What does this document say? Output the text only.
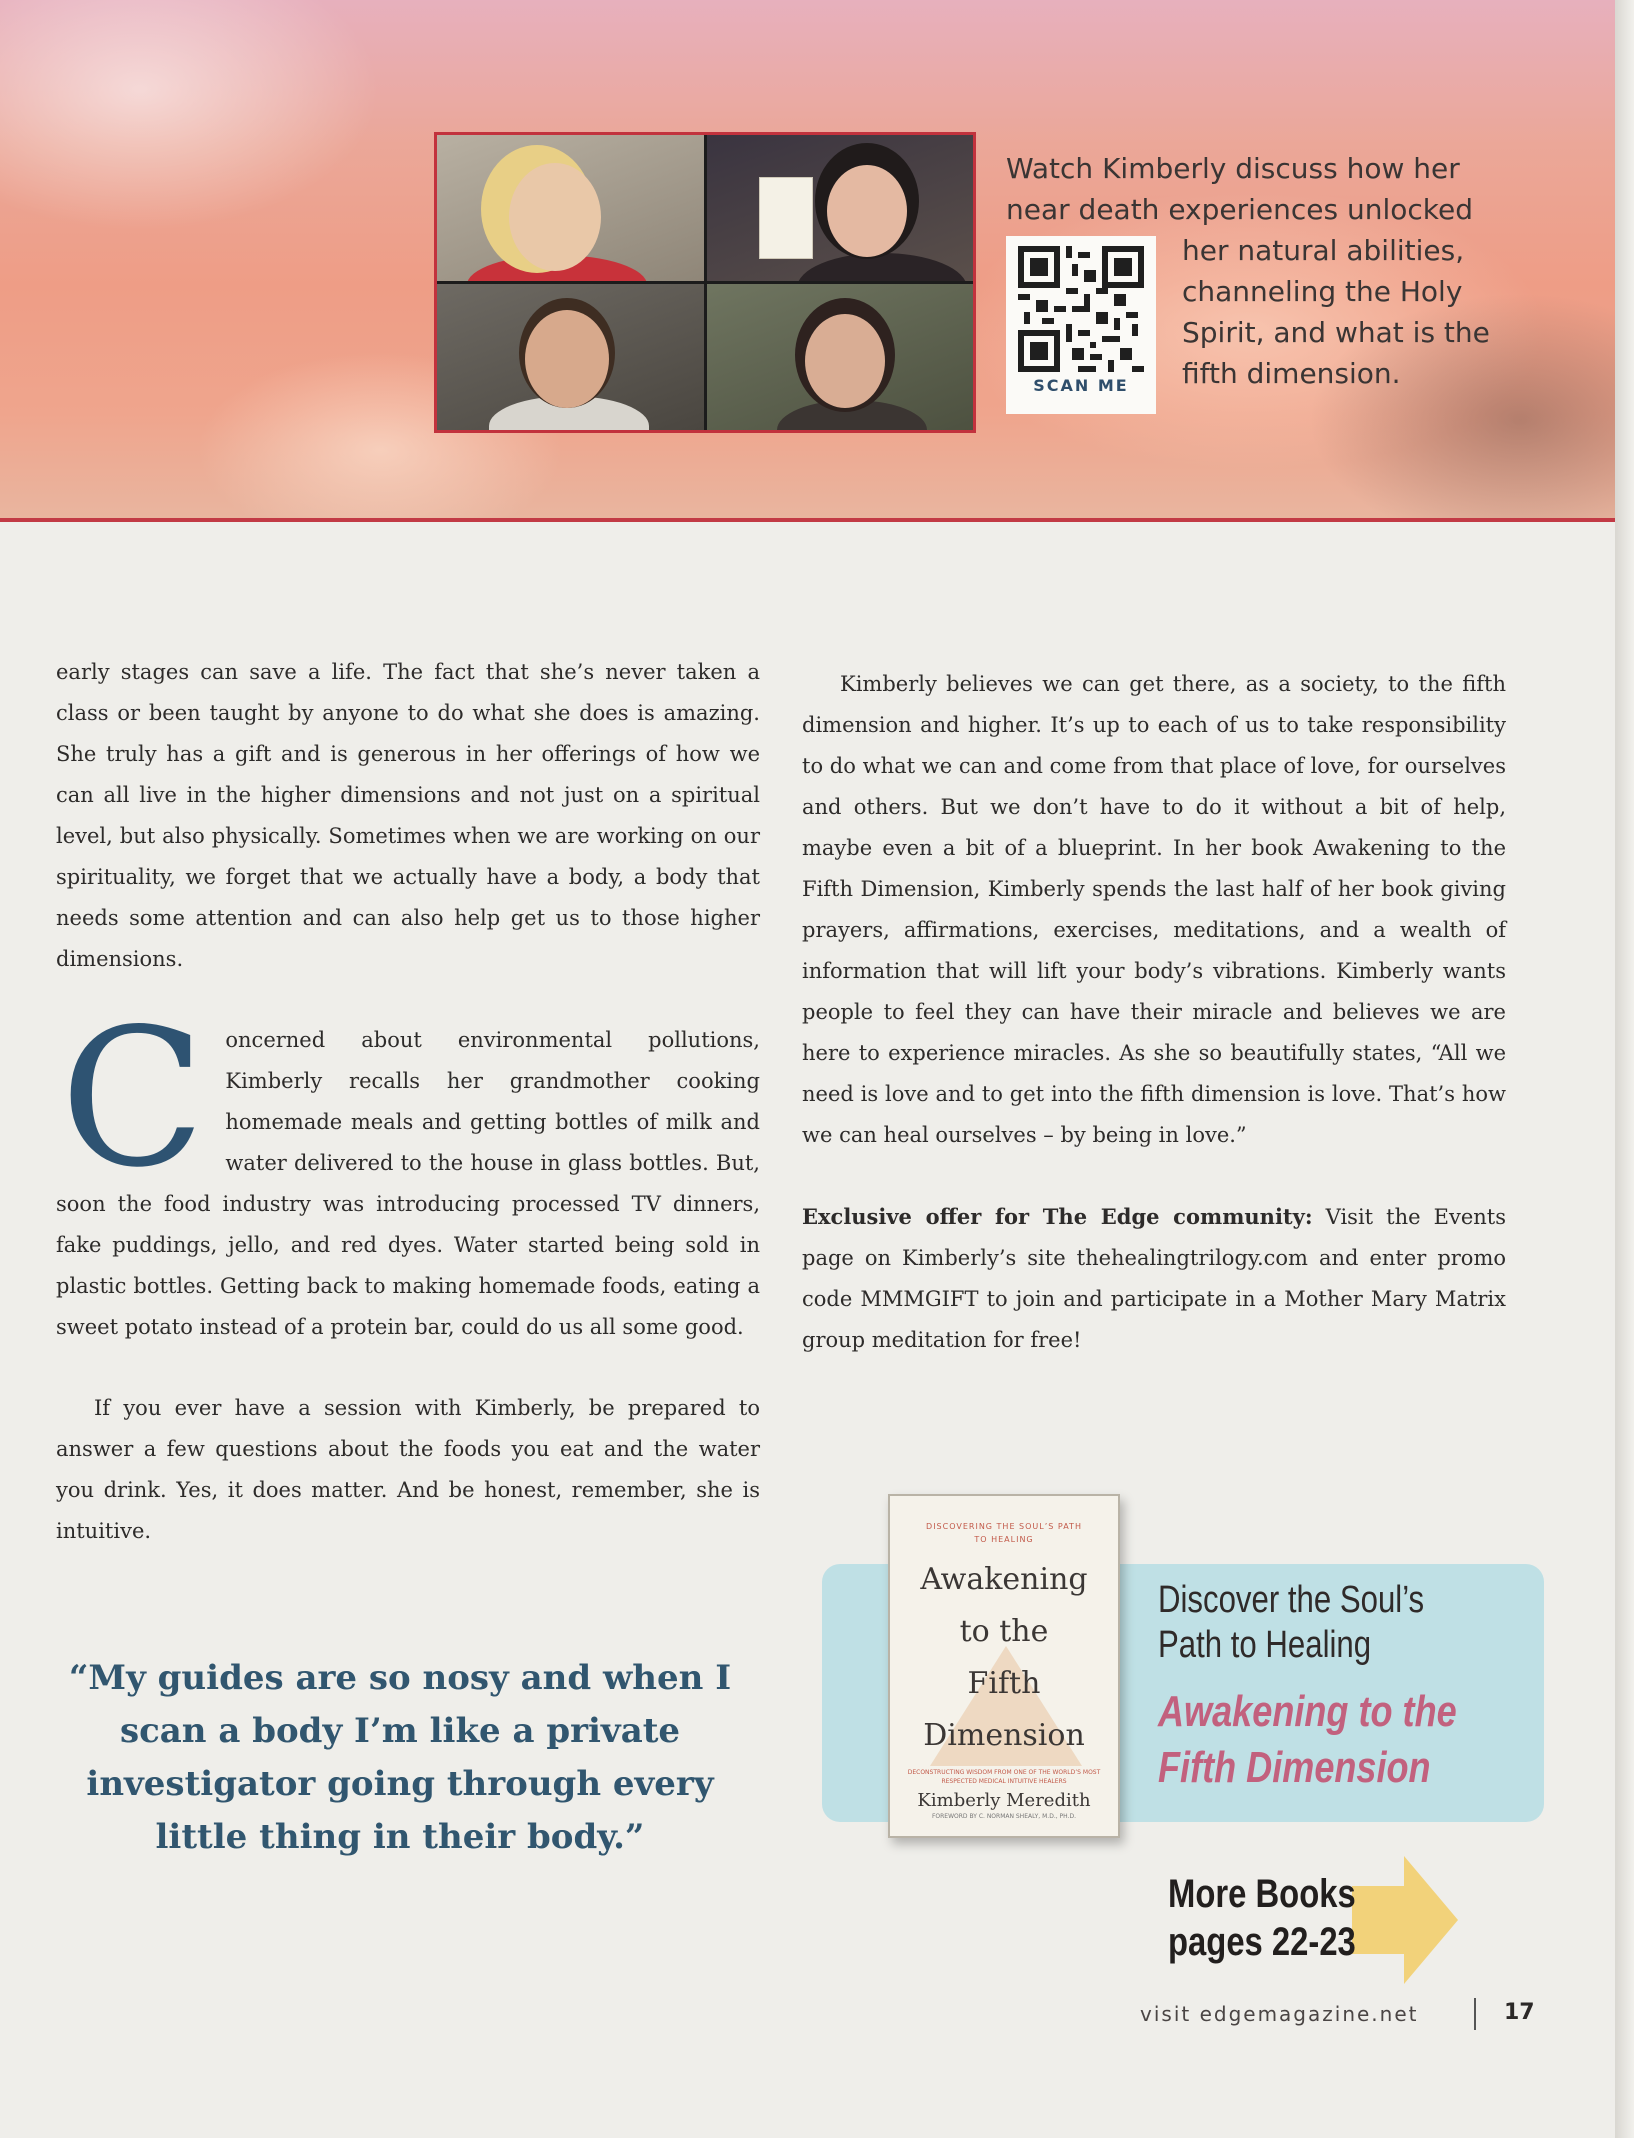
Watch Kimberly discuss how her
near death experiences unlocked
her natural abilities,
channeling the Holy
Spirit, and what is the
fifth dimension.

SCAN ME

early stages can save a life. The fact that she’s never taken a class or been taught by anyone to do what she does is amazing. She truly has a gift and is generous in her offerings of how we can all live in the higher dimensions and not just on a spiritual level, but also physically. Sometimes when we are working on our spirituality, we forget that we actually have a body, a body that needs some attention and can also help get us to those higher dimensions.

C oncerned about environmental pollutions, Kimberly recalls her grandmother cooking homemade meals and getting bottles of milk and water delivered to the house in glass bottles. But, soon the food industry was introducing processed TV dinners, fake puddings, jello, and red dyes. Water started being sold in plastic bottles. Getting back to making homemade foods, eating a sweet potato instead of a protein bar, could do us all some good.

If you ever have a session with Kimberly, be prepared to answer a few questions about the foods you eat and the water you drink. Yes, it does matter. And be honest, remember, she is intuitive.

“My guides are so nosy and when I scan a body I’m like a private investigator going through every little thing in their body.”

Kimberly believes we can get there, as a society, to the fifth dimension and higher. It’s up to each of us to take responsibility to do what we can and come from that place of love, for ourselves and others. But we don’t have to do it without a bit of help, maybe even a bit of a blueprint. In her book Awakening to the Fifth Dimension, Kimberly spends the last half of her book giving prayers, affirmations, exercises, meditations, and a wealth of information that will lift your body’s vibrations. Kimberly wants people to feel they can have their miracle and believes we are here to experience miracles. As she so beautifully states, “All we need is love and to get into the fifth dimension is love. That’s how we can heal ourselves – by being in love.”

Exclusive offer for The Edge community: Visit the Events page on Kimberly’s site thehealingtrilogy.com and enter promo code MMMGIFT to join and participate in a Mother Mary Matrix group meditation for free!

DISCOVERING THE SOUL’S PATH TO HEALING
Awakening
to the
Fifth
Dimension
DECONSTRUCTING WISDOM FROM ONE OF THE WORLD’S MOST RESPECTED MEDICAL INTUITIVE HEALERS
Kimberly Meredith
FOREWORD BY C. NORMAN SHEALY, M.D., PH.D.

Discover the Soul’s
Path to Healing

Awakening to the
Fifth Dimension

More Books
pages 22-23

visit edgemagazine.net	17
